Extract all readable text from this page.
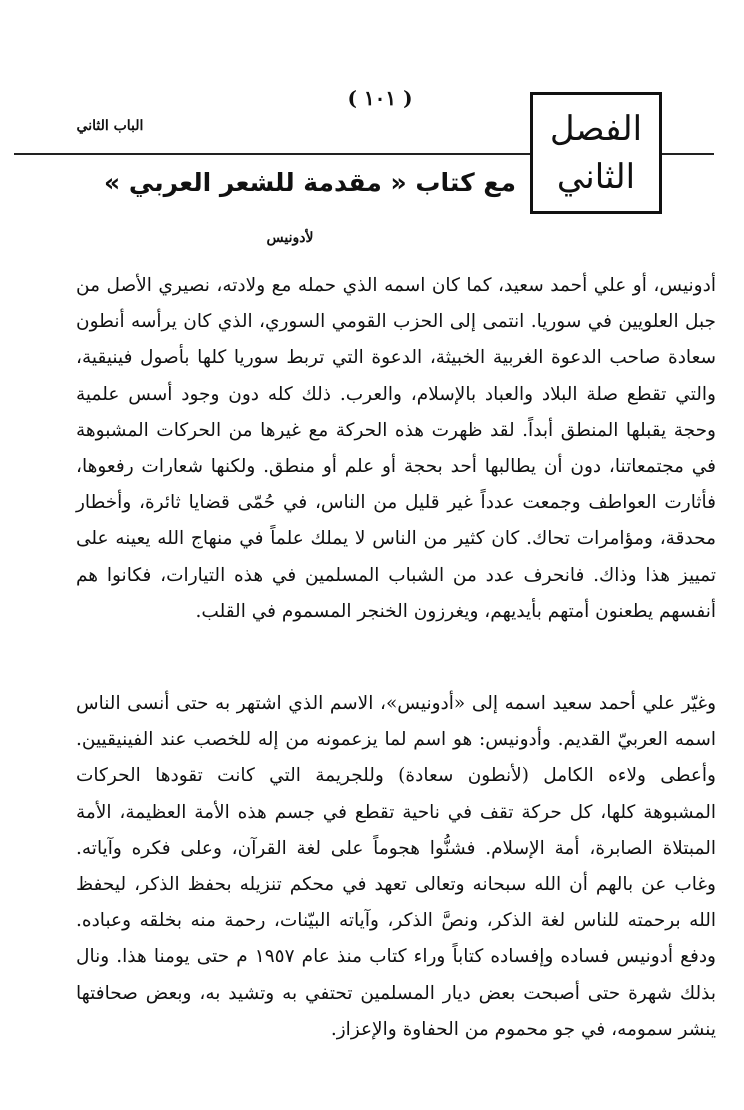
( ١٠١ )
الباب الثاني	الفصل
الثاني
مع كتاب « مقدمة للشعر العربي »
لأدونيس
أدونيس، أو علي أحمد سعيد، كما كان اسمه الذي حمله مع ولادته، نصيري الأصل من جبل العلويين في سوريا. انتمى إلى الحزب القومي السوري، الذي كان يرأسه أنطون سعادة صاحب الدعوة الغربية الخبيثة، الدعوة التي تربط سوريا كلها بأصول فينيقية، والتي تقطع صلة البلاد والعباد بالإسلام، والعرب. ذلك كله دون وجود أسس علمية وحجة يقبلها المنطق أبداً. لقد ظهرت هذه الحركة مع غيرها من الحركات المشبوهة في مجتمعاتنا، دون أن يطالبها أحد بحجة أو علم أو منطق. ولكنها شعارات رفعوها، فأثارت العواطف وجمعت عدداً غير قليل من الناس، في حُمّى قضايا ثائرة، وأخطار محدقة، ومؤامرات تحاك. كان كثير من الناس لا يملك علماً في منهاج الله يعينه على تمييز هذا وذاك. فانحرف عدد من الشباب المسلمين في هذه التيارات، فكانوا هم أنفسهم يطعنون أمتهم بأيديهم، ويغرزون الخنجر المسموم في القلب.
وغيّر علي أحمد سعيد اسمه إلى «أدونيس»، الاسم الذي اشتهر به حتى أنسى الناس اسمه العربيّ القديم. وأدونيس: هو اسم لما يزعمونه من إله للخصب عند الفينيقيين. وأعطى ولاءه الكامل (لأنطون سعادة) وللجريمة التي كانت تقودها الحركات المشبوهة كلها، كل حركة تقف في ناحية تقطع في جسم هذه الأمة العظيمة، الأمة المبتلاة الصابرة، أمة الإسلام. فشنُّوا هجوماً على لغة القرآن، وعلى فكره وآياته. وغاب عن بالهم أن الله سبحانه وتعالى تعهد في محكم تنزيله بحفظ الذكر، ليحفظ الله برحمته للناس لغة الذكر، ونصَّ الذكر، وآياته البيّنات، رحمة منه بخلقه وعباده. ودفع أدونيس فساده وإفساده كتاباً وراء كتاب منذ عام ١٩٥٧ م حتى يومنا هذا. ونال بذلك شهرة حتى أصبحت بعض ديار المسلمين تحتفي به وتشيد به، وبعض صحافتها ينشر سمومه، في جو محموم من الحفاوة والإعزاز.
